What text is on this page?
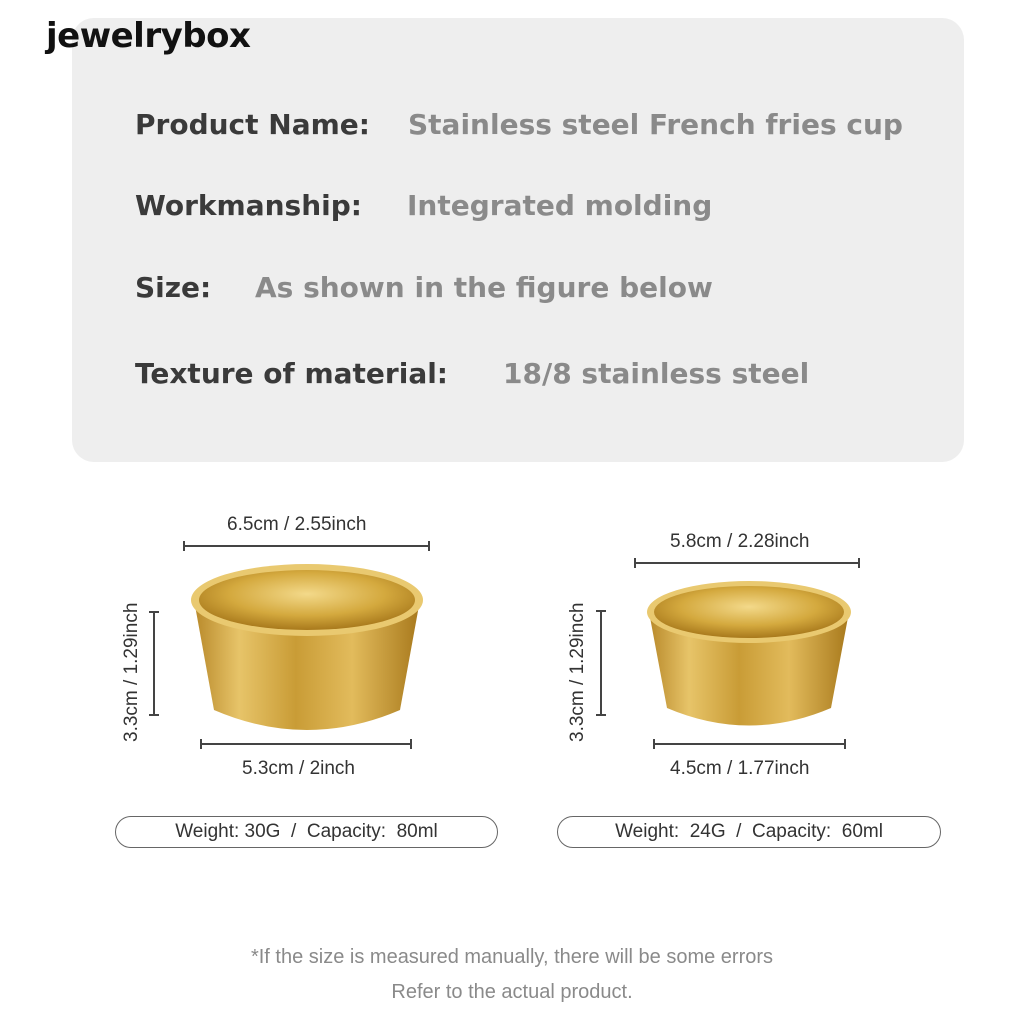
jewelrybox
Product Name: Stainless steel French fries cup
Workmanship: Integrated molding
Size: As shown in the figure below
Texture of material: 18/8 stainless steel
6.5cm / 2.55inch
3.3cm / 1.29inch
5.3cm / 2inch
Weight: 30G  /  Capacity:  80ml
5.8cm / 2.28inch
3.3cm / 1.29inch
4.5cm / 1.77inch
Weight:  24G  /  Capacity:  60ml
*If the size is measured manually, there will be some errors
Refer to the actual product.
